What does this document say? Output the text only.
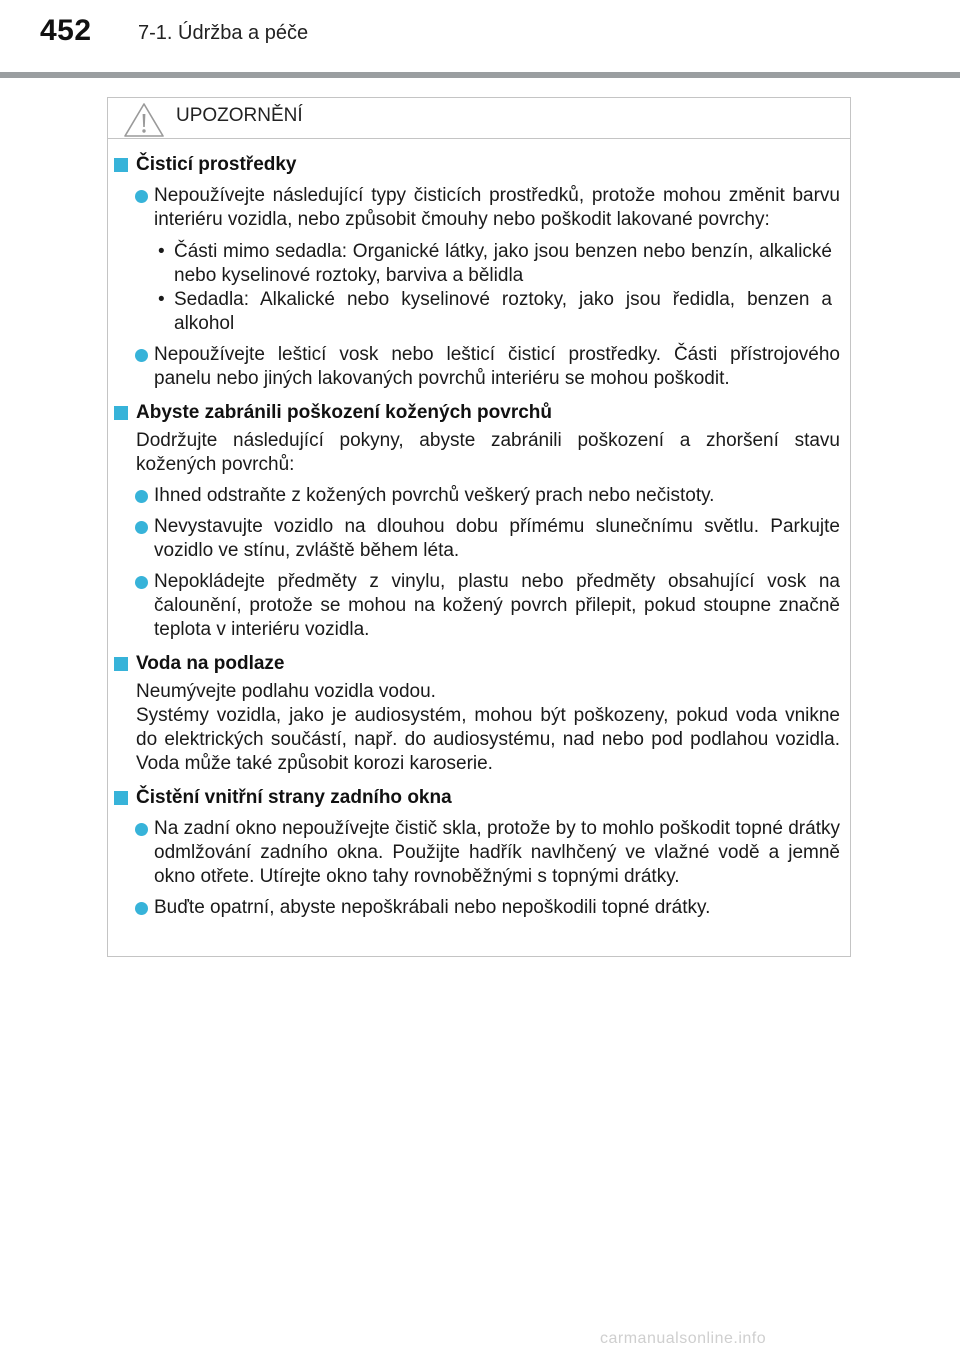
452 7-1. Údržba a péče
UPOZORNĚNÍ
Čisticí prostředky
Nepoužívejte následující typy čisticích prostředků, protože mohou změnit barvu interiéru vozidla, nebo způsobit čmouhy nebo poškodit lakované povrchy:
• Části mimo sedadla: Organické látky, jako jsou benzen nebo benzín, alkalické nebo kyselinové roztoky, barviva a bělidla
• Sedadla: Alkalické nebo kyselinové roztoky, jako jsou ředidla, benzen a alkohol
Nepoužívejte lešticí vosk nebo lešticí čisticí prostředky. Části přístrojového panelu nebo jiných lakovaných povrchů interiéru se mohou poškodit.
Abyste zabránili poškození kožených povrchů
Dodržujte následující pokyny, abyste zabránili poškození a zhoršení stavu kožených povrchů:
Ihned odstraňte z kožených povrchů veškerý prach nebo nečistoty.
Nevystavujte vozidlo na dlouhou dobu přímému slunečnímu světlu. Parkujte vozidlo ve stínu, zvláště během léta.
Nepokládejte předměty z vinylu, plastu nebo předměty obsahující vosk na čalounění, protože se mohou na kožený povrch přilepit, pokud stoupne značně teplota v interiéru vozidla.
Voda na podlaze
Neumývejte podlahu vozidla vodou.
Systémy vozidla, jako je audiosystém, mohou být poškozeny, pokud voda vnikne do elektrických součástí, např. do audiosystému, nad nebo pod podlahou vozidla. Voda může také způsobit korozi karoserie.
Čistění vnitřní strany zadního okna
Na zadní okno nepoužívejte čistič skla, protože by to mohlo poškodit topné drátky odmlžování zadního okna. Použijte hadřík navlhčený ve vlažné vodě a jemně okno otřete. Utírejte okno tahy rovnoběžnými s topnými drátky.
Buďte opatrní, abyste nepoškrábali nebo nepoškodili topné drátky.
carmanualsonline.info
